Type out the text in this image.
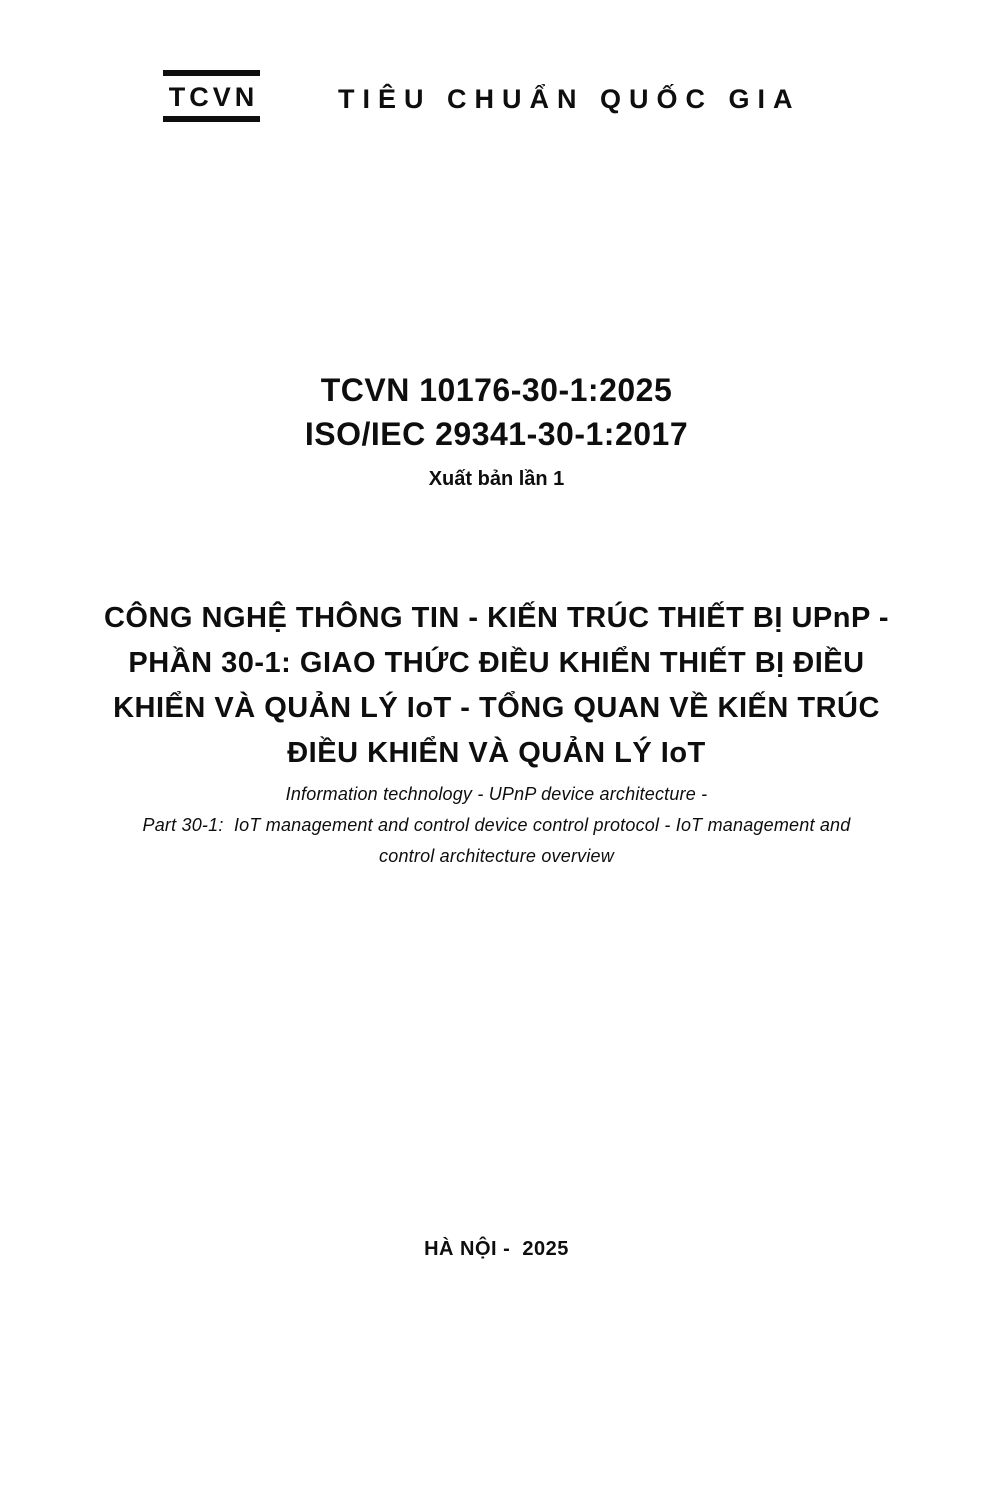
TCVN	TIÊU CHUẨN QUỐC GIA
TCVN 10176-30-1:2025
ISO/IEC 29341-30-1:2017
Xuất bản lần 1
CÔNG NGHỆ THÔNG TIN - KIẾN TRÚC THIẾT BỊ UPnP -
PHẦN 30-1: GIAO THỨC ĐIỀU KHIỂN THIẾT BỊ ĐIỀU
KHIỂN VÀ QUẢN LÝ IoT - TỔNG QUAN VỀ KIẾN TRÚC
ĐIỀU KHIỂN VÀ QUẢN LÝ IoT
Information technology - UPnP device architecture -
Part 30-1:  IoT management and control device control protocol - IoT management and
control architecture overview
HÀ NỘI -  2025
